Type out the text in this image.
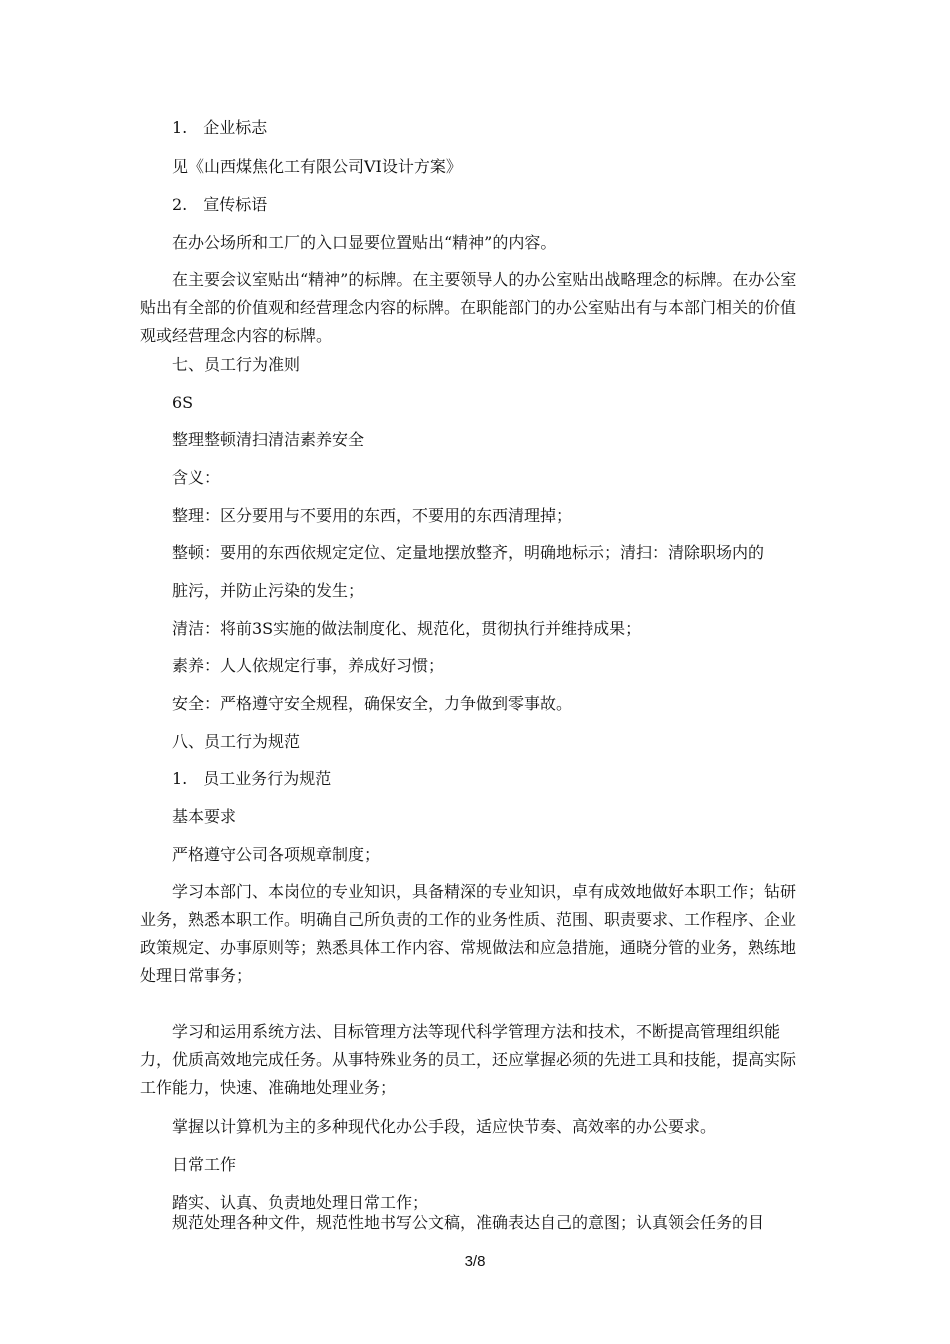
1.　企业标志

见《山西煤焦化工有限公司VI设计方案》

2.　宣传标语

在办公场所和工厂的入口显要位置贴出“精神”的内容。

在主要会议室贴出“精神”的标牌。在主要领导人的办公室贴出战略理念的标牌。在办公室贴出有全部的价值观和经营理念内容的标牌。在职能部门的办公室贴出有与本部门相关的价值观或经营理念内容的标牌。

七、员工行为准则

6S

整理整顿清扫清洁素养安全

含义：

整理：区分要用与不要用的东西，不要用的东西清理掉；

整顿：要用的东西依规定定位、定量地摆放整齐，明确地标示；清扫：清除职场内的

脏污，并防止污染的发生；

清洁：将前3S实施的做法制度化、规范化，贯彻执行并维持成果；

素养：人人依规定行事，养成好习惯；

安全：严格遵守安全规程，确保安全，力争做到零事故。

八、员工行为规范

1.　员工业务行为规范

基本要求

严格遵守公司各项规章制度；

学习本部门、本岗位的专业知识，具备精深的专业知识，卓有成效地做好本职工作；钻研业务，熟悉本职工作。明确自己所负责的工作的业务性质、范围、职责要求、工作程序、企业政策规定、办事原则等；熟悉具体工作内容、常规做法和应急措施，通晓分管的业务，熟练地处理日常事务；

学习和运用系统方法、目标管理方法等现代科学管理方法和技术，不断提高管理组织能力，优质高效地完成任务。从事特殊业务的员工，还应掌握必须的先进工具和技能，提高实际工作能力，快速、准确地处理业务；

掌握以计算机为主的多种现代化办公手段，适应快节奏、高效率的办公要求。

日常工作

踏实、认真、负责地处理日常工作；

规范处理各种文件，规范性地书写公文稿，准确表达自己的意图；认真领会任务的目

3/8
